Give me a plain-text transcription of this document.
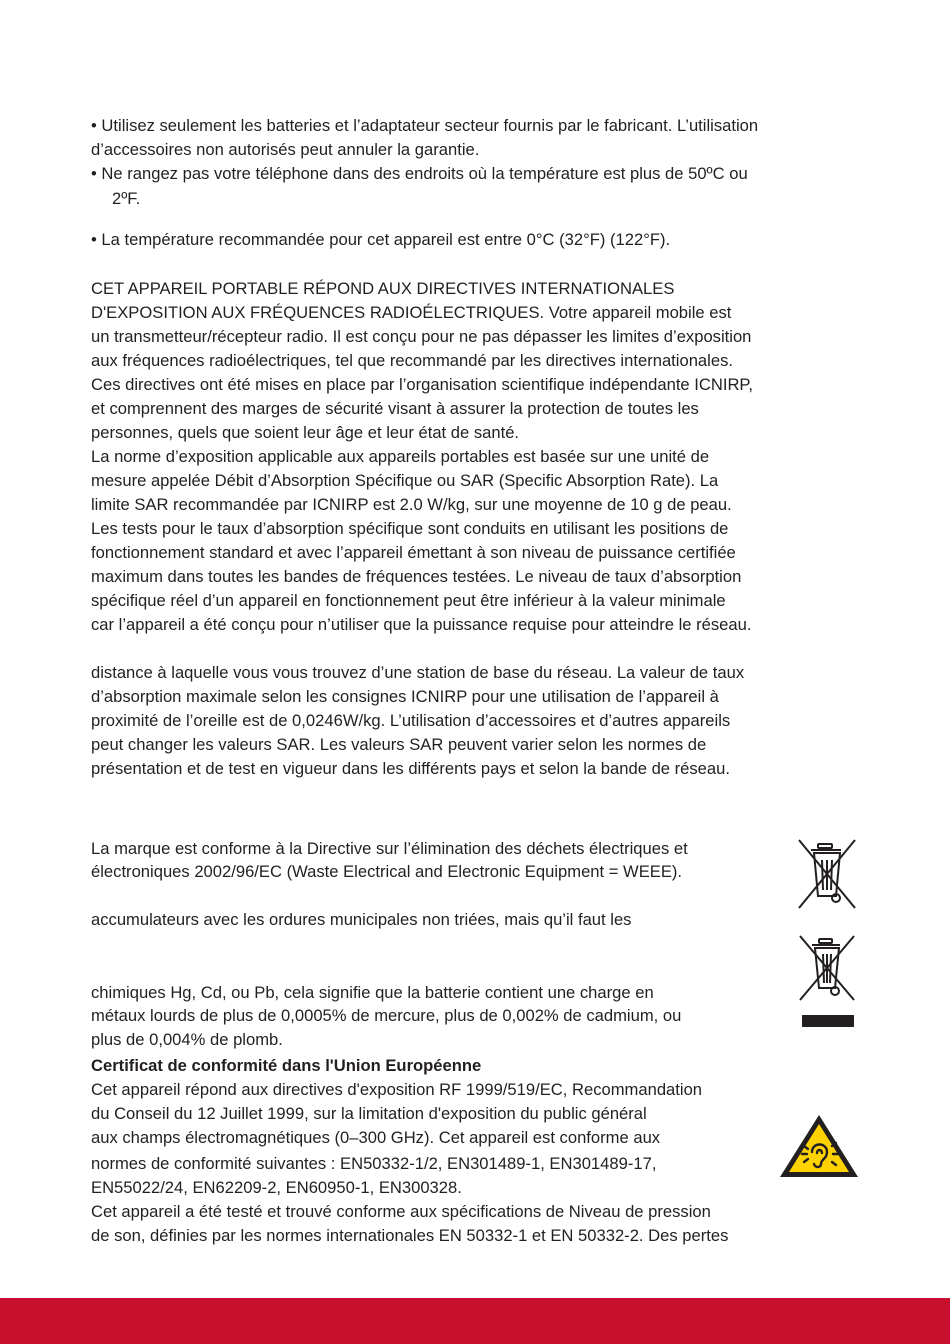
• Utilisez seulement les batteries et l’adaptateur secteur fournis par le fabricant. L’utilisation

d’accessoires non autorisés peut annuler la garantie.

• Ne rangez pas votre téléphone dans des endroits où la température est plus de 50ºC ou

2ºF.

• La température recommandée pour cet appareil est entre 0°C (32°F) (122°F).

CET APPAREIL PORTABLE RÉPOND AUX DIRECTIVES INTERNATIONALES

D'EXPOSITION AUX FRÉQUENCES RADIOÉLECTRIQUES. Votre appareil mobile est

un transmetteur/récepteur radio. Il est conçu pour ne pas dépasser les limites d’exposition

aux fréquences radioélectriques, tel que recommandé par les directives internationales.

Ces directives ont été mises en place par l’organisation scientifique indépendante ICNIRP,

et comprennent des marges de sécurité visant à assurer la protection de toutes les

personnes, quels que soient leur âge et leur état de santé.

La norme d’exposition applicable aux appareils portables est basée sur une unité de

mesure appelée Débit d’Absorption Spécifique ou SAR (Specific Absorption Rate). La

limite SAR recommandée par ICNIRP est 2.0 W/kg, sur une moyenne de 10 g de peau.

Les tests pour le taux d’absorption spécifique sont conduits en utilisant les positions de

fonctionnement standard et avec l’appareil émettant à son niveau de puissance certifiée

maximum dans toutes les bandes de fréquences testées. Le niveau de taux d’absorption

spécifique réel d’un appareil en fonctionnement peut être inférieur à la valeur minimale

car l’appareil a été conçu pour n’utiliser que la puissance requise pour atteindre le réseau.

distance à laquelle vous vous trouvez d’une station de base du réseau. La valeur de taux

d’absorption maximale selon les consignes ICNIRP pour une utilisation de l’appareil à

proximité de l’oreille est de 0,0246W/kg. L’utilisation d’accessoires et d’autres appareils

peut changer les valeurs SAR. Les valeurs SAR peuvent varier selon les normes de

présentation et de test en vigueur dans les différents pays et selon la bande de réseau.

La marque est conforme à la Directive sur l’élimination des déchets électriques et

électroniques 2002/96/EC (Waste Electrical and Electronic Equipment = WEEE).

accumulateurs avec les ordures municipales non triées, mais qu’il faut les

chimiques Hg, Cd, ou Pb, cela signifie que la batterie contient une charge en

métaux lourds de plus de 0,0005% de mercure, plus de 0,002% de cadmium, ou

plus de 0,004% de plomb.

Certificat de conformité dans l'Union Européenne

Cet appareil répond aux directives d'exposition RF 1999/519/EC, Recommandation

du Conseil du 12 Juillet 1999, sur la limitation d'exposition du public général

aux champs électromagnétiques (0–300 GHz). Cet appareil est conforme aux

normes de conformité suivantes : EN50332-1/2, EN301489-1, EN301489-17,

EN55022/24, EN62209-2, EN60950-1, EN300328.

Cet appareil a été testé et trouvé conforme aux spécifications de Niveau de pression

de son, définies par les normes internationales EN 50332-1 et EN 50332-2. Des pertes
